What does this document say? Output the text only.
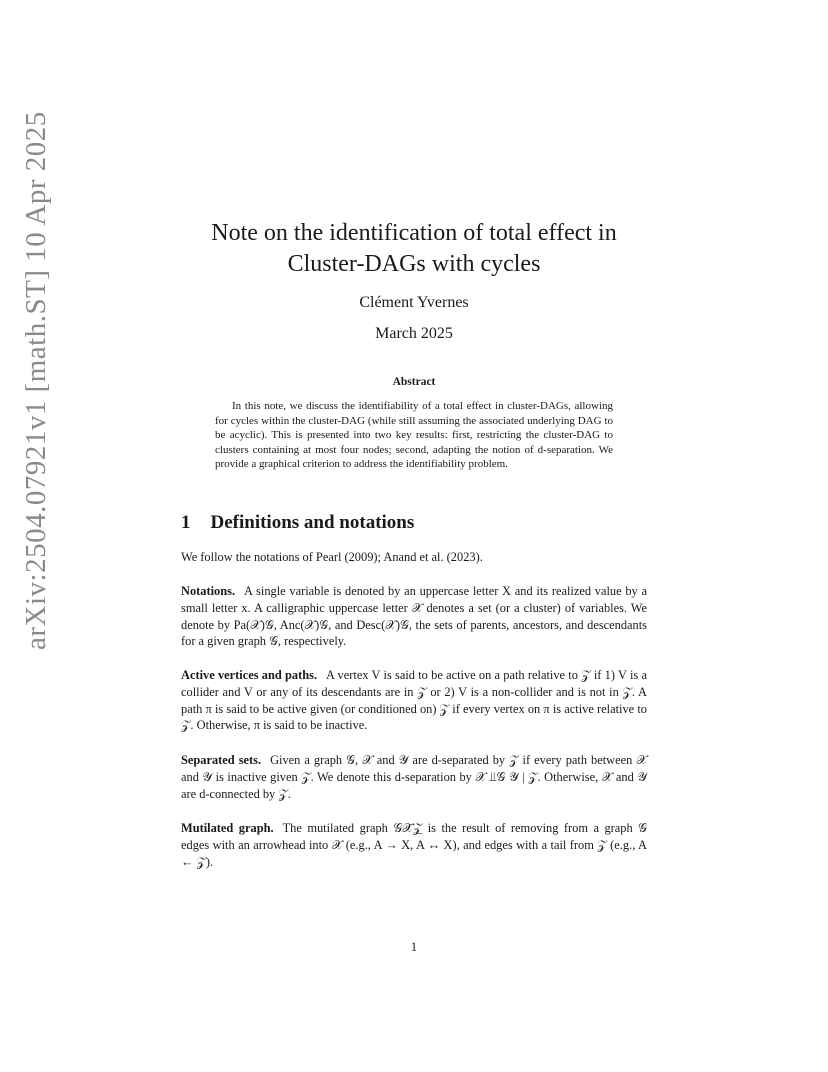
arXiv:2504.07921v1 [math.ST] 10 Apr 2025	Note on the identification of total effect in
Cluster-DAGs with cycles
Clément Yvernes
March 2025
Abstract

In this note, we discuss the identifiability of a total effect in cluster-DAGs, allowing for cycles within the cluster-DAG (while still assuming the associated underlying DAG to be acyclic). This is presented into two key results: first, restricting the cluster-DAG to clusters containing at most four nodes; second, adapting the notion of d-separation. We provide a graphical criterion to address the identifiability problem.

1 Definitions and notations

We follow the notations of Pearl (2009); Anand et al. (2023).

Notations. A single variable is denoted by an uppercase letter X and its realized value by a small letter x. A calligraphic uppercase letter 𝒳 denotes a set (or a cluster) of variables. We denote by Pa(𝒳)𝒢, Anc(𝒳)𝒢, and Desc(𝒳)𝒢, the sets of parents, ancestors, and descendants for a given graph 𝒢, respectively.

Active vertices and paths. A vertex V is said to be active on a path relative to 𝒵 if 1) V is a collider and V or any of its descendants are in 𝒵 or 2) V is a non-collider and is not in 𝒵. A path π is said to be active given (or conditioned on) 𝒵 if every vertex on π is active relative to 𝒵. Otherwise, π is said to be inactive.

Separated sets. Given a graph 𝒢, 𝒳 and 𝒴 are d-separated by 𝒵 if every path between 𝒳 and 𝒴 is inactive given 𝒵. We denote this d-separation by 𝒳 ⫫𝒢 𝒴 | 𝒵. Otherwise, 𝒳 and 𝒴 are d-connected by 𝒵.

Mutilated graph. The mutilated graph 𝒢𝒳̄𝒵̲ is the result of removing from a graph 𝒢 edges with an arrowhead into 𝒳 (e.g., A → X, A ↔ X), and edges with a tail from 𝒵 (e.g., A ← 𝒵).

1
